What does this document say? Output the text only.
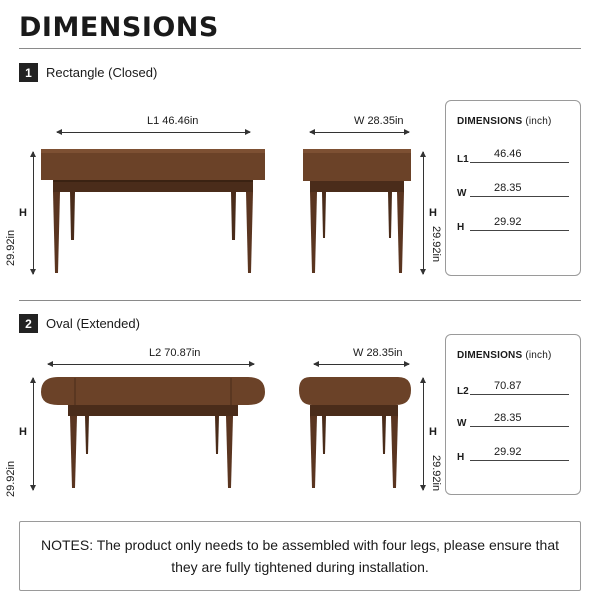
DIMENSIONS
1	Rectangle (Closed)
L1 46.46in
H
29.92in
W 28.35in
H
29.92in
DIMENSIONS (inch)
L1 46.46
W	28.35
H	29.92
2	Oval (Extended)
L2 70.87in
H
29.92in
W 28.35in
H
29.92in
DIMENSIONS (inch)
L2 70.87
W	28.35
H	29.92

NOTES: The product only needs to be assembled with four legs, please ensure that they are fully tightened during installation.
